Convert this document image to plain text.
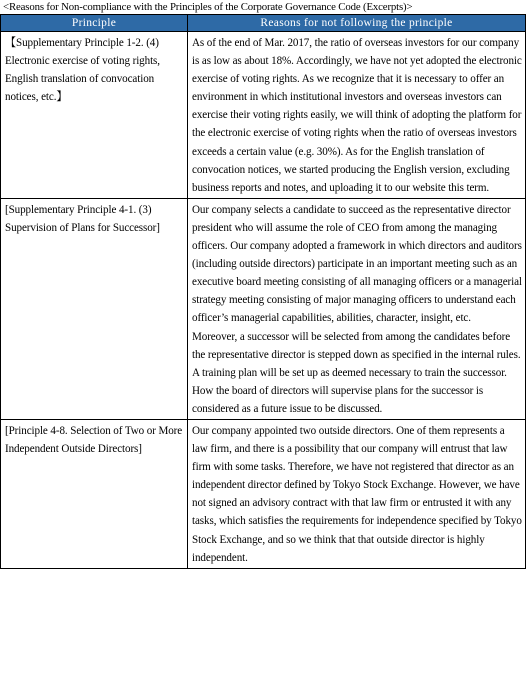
<Reasons for Non-compliance with the Principles of the Corporate Governance Code (Excerpts)>
Principle	Reasons for not following the principle
【Supplementary Principle 1-2. (4) Electronic exercise of voting rights, English translation of convocation notices, etc.】	As of the end of Mar. 2017, the ratio of overseas investors for our company is as low as about 18%. Accordingly, we have not yet adopted the electronic exercise of voting rights. As we recognize that it is necessary to offer an environment in which institutional investors and overseas investors can exercise their voting rights easily, we will think of adopting the platform for the electronic exercise of voting rights when the ratio of overseas investors exceeds a certain value (e.g. 30%). As for the English translation of convocation notices, we started producing the English version, excluding business reports and notes, and uploading it to our website this term.

[Supplementary Principle 4-1. (3) Supervision of Plans for Successor]	Our company selects a candidate to succeed as the representative director president who will assume the role of CEO from among the managing officers. Our company adopted a framework in which directors and auditors (including outside directors) participate in an important meeting such as an executive board meeting consisting of all managing officers or a managerial strategy meeting consisting of major managing officers to understand each officer’s managerial capabilities, abilities, character, insight, etc.

Moreover, a successor will be selected from among the candidates before the representative director is stepped down as specified in the internal rules. A training plan will be set up as deemed necessary to train the successor.

How the board of directors will supervise plans for the successor is considered as a future issue to be discussed.

[Principle 4-8. Selection of Two or More Independent Outside Directors]	Our company appointed two outside directors. One of them represents a law firm, and there is a possibility that our company will entrust that law firm with some tasks. Therefore, we have not registered that director as an independent director defined by Tokyo Stock Exchange. However, we have not signed an advisory contract with that law firm or entrusted it with any tasks, which satisfies the requirements for independence specified by Tokyo Stock Exchange, and so we think that that outside director is highly independent.
